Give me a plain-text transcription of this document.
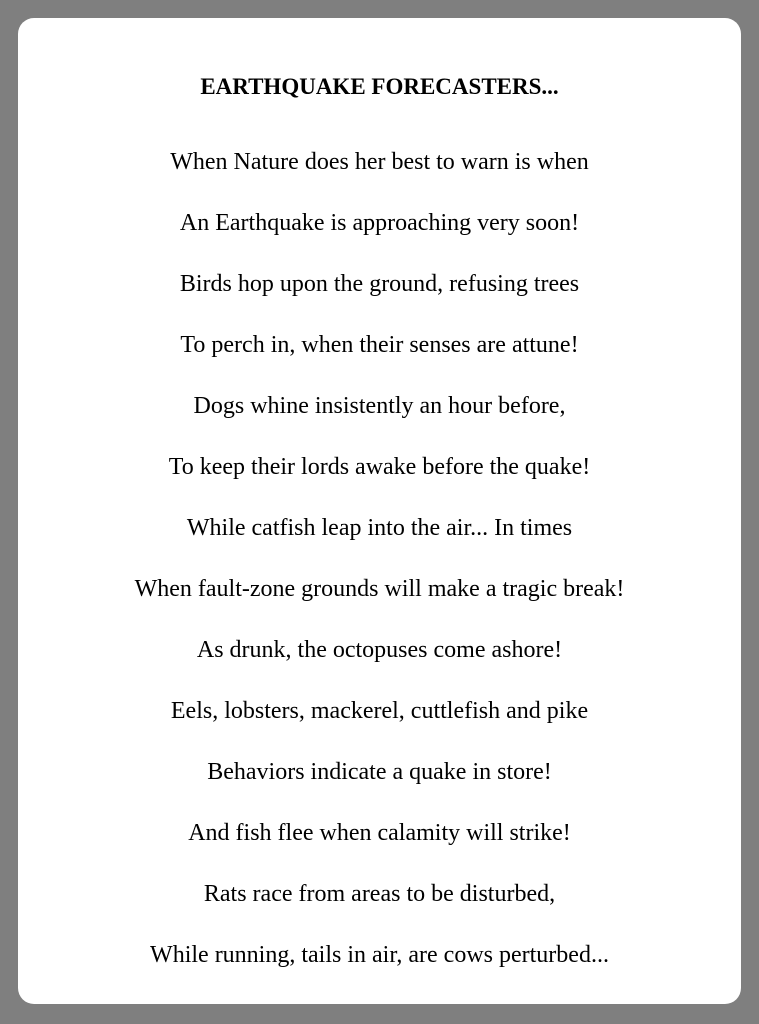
EARTHQUAKE FORECASTERS...
When Nature does her best to warn is when
An Earthquake is approaching very soon!
Birds hop upon the ground, refusing trees
To perch in, when their senses are attune!
Dogs whine insistently an hour before,
To keep their lords awake before the quake!
While catfish leap into the air... In times
When fault-zone grounds will make a tragic break!
As drunk, the octopuses come ashore!
Eels, lobsters, mackerel, cuttlefish and pike
Behaviors indicate a quake in store!
And fish flee when calamity will strike!
Rats race from areas to be disturbed,
While running, tails in air, are cows perturbed...
